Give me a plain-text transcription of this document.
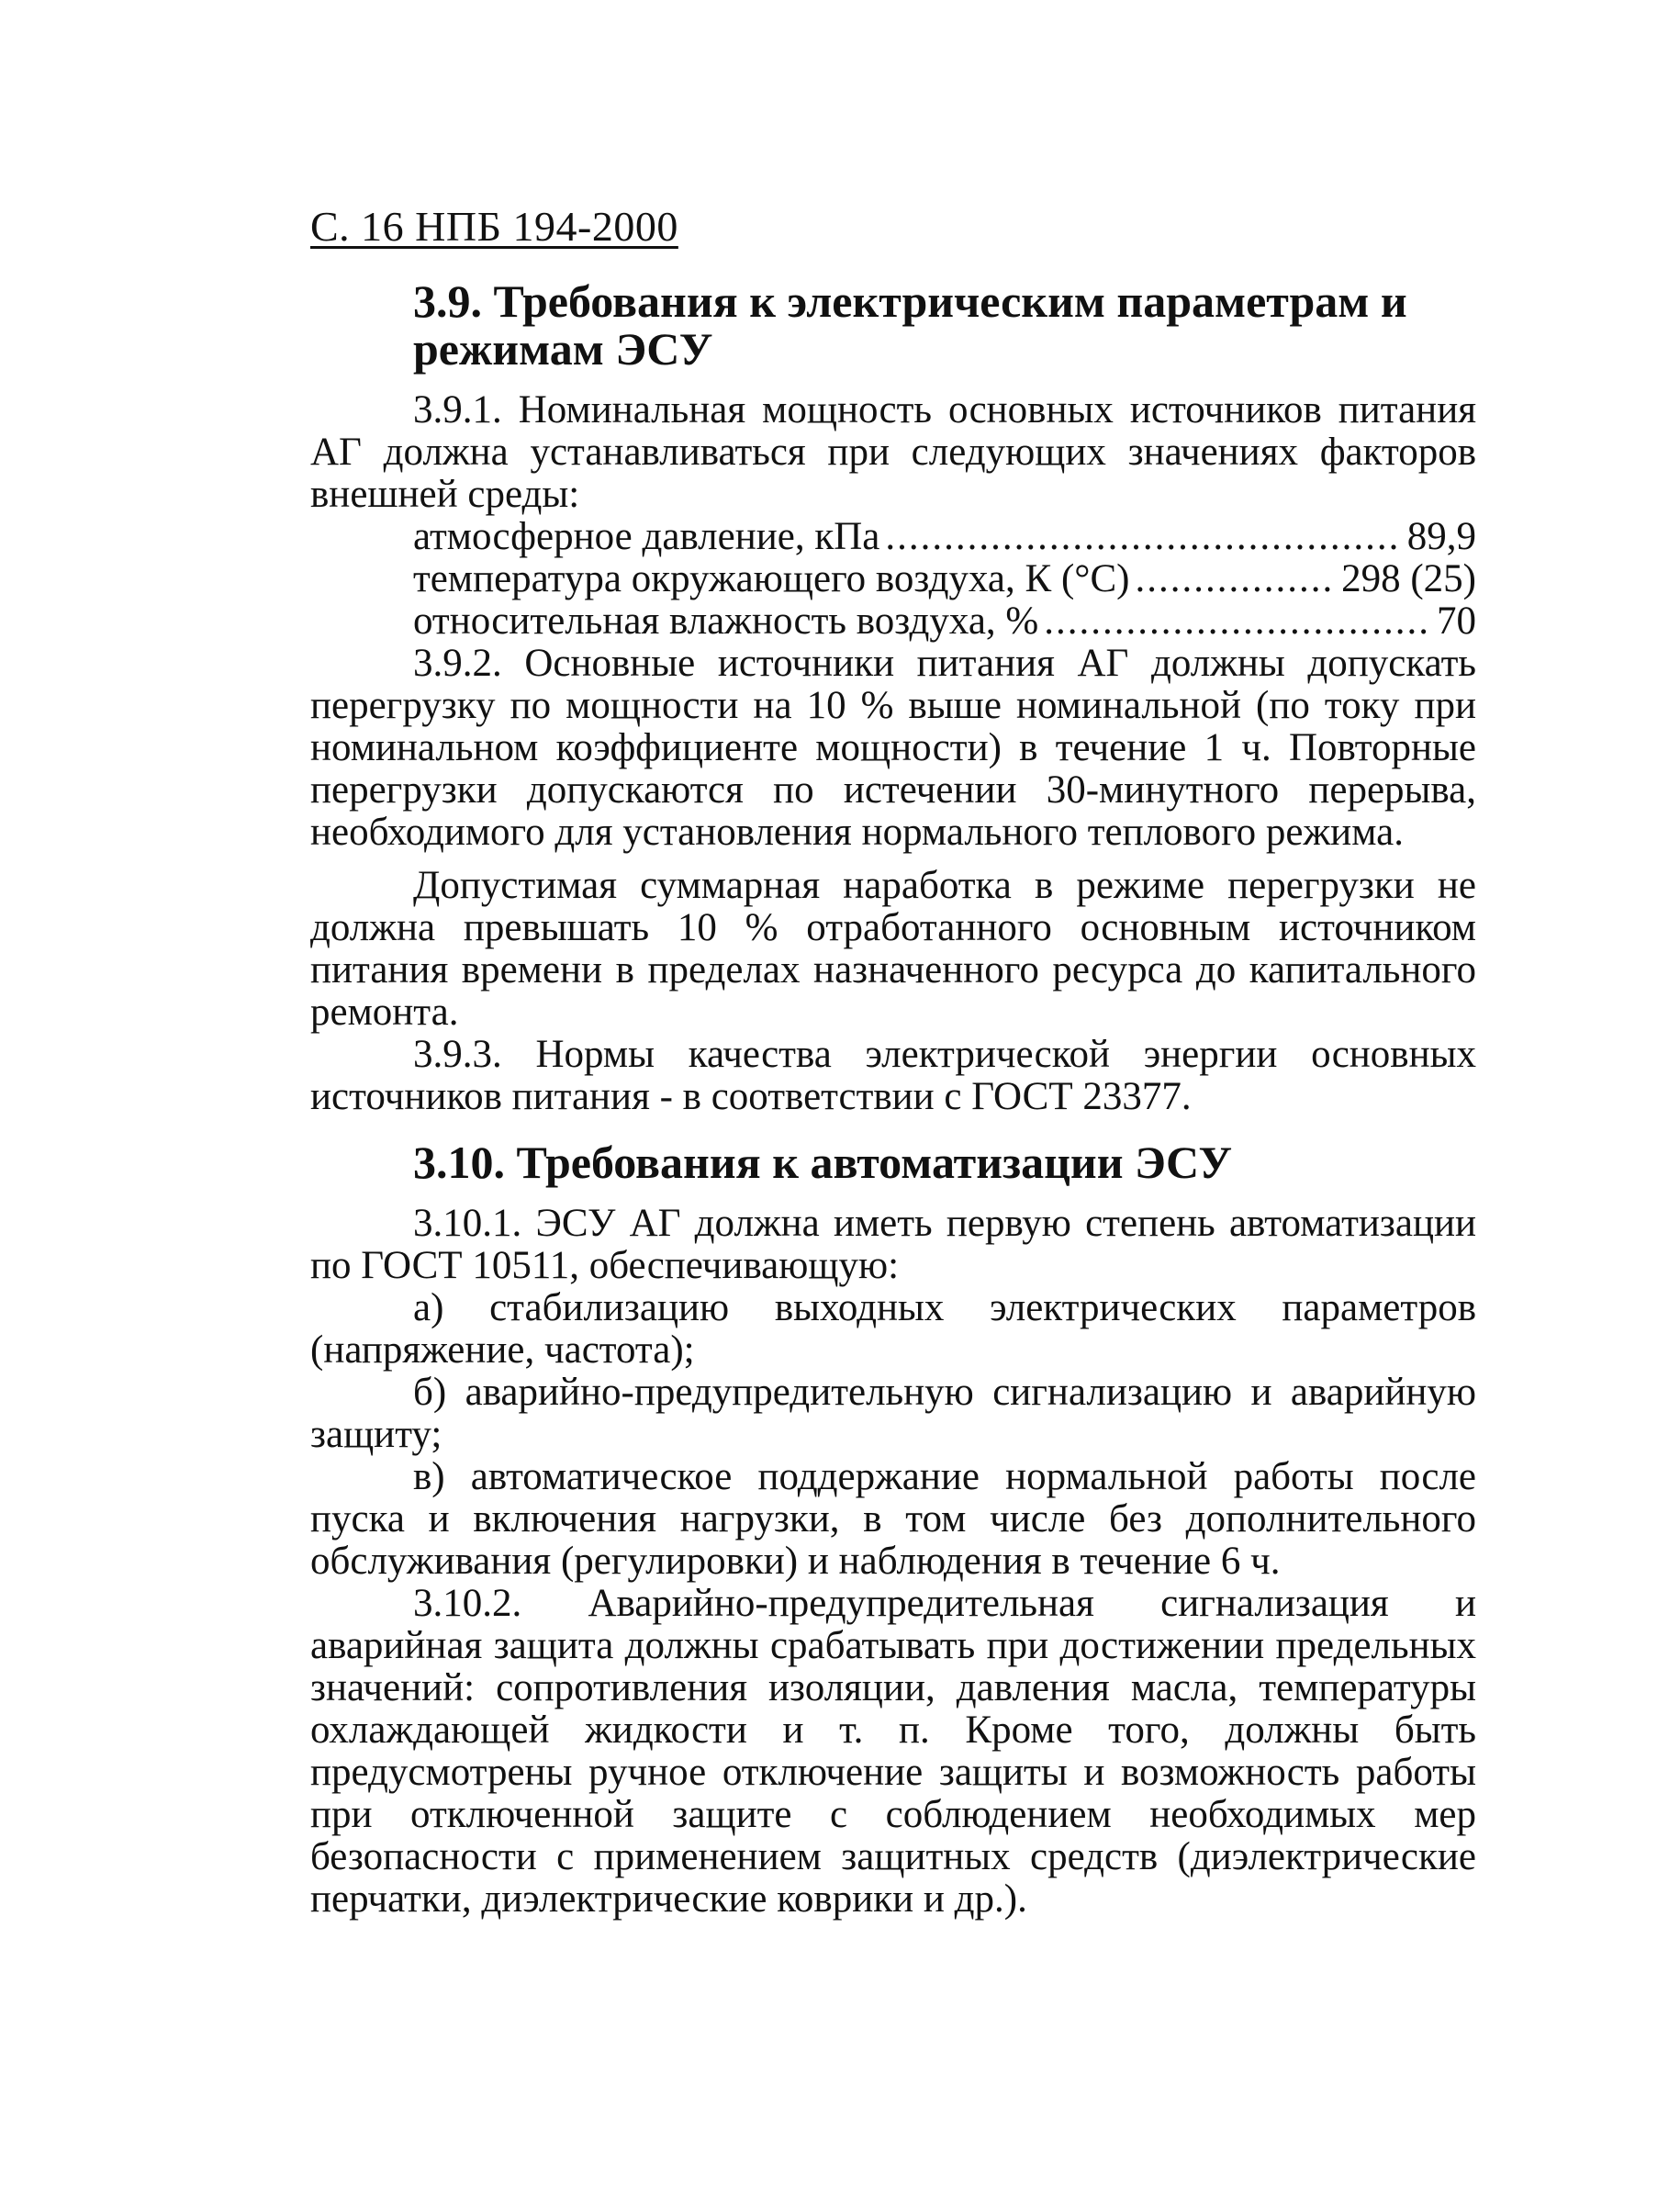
С. 16 НПБ 194-2000
3.9. Требования к электрическим параметрам и режимам ЭСУ

3.9.1. Номинальная мощность основных источников питания АГ должна устанавливаться при следующих значениях факторов внешней среды:

атмосферное давление, кПа .....	89,9
температура окружающего воздуха, К (°С) .....	298 (25)
относительная влажность воздуха, % .....	70

3.9.2. Основные источники питания АГ должны допускать перегрузку по мощности на 10 % выше номинальной (по току при номинальном коэффициенте мощности) в течение 1 ч. Повторные перегрузки допускаются по истечении 30-минутного перерыва, необходимого для установления нормального теплового режима.

Допустимая суммарная наработка в режиме перегрузки не должна превышать 10 % отработанного основным источником питания времени в пределах назначенного ресурса до капитального ремонта.

3.9.3. Нормы качества электрической энергии основных источников питания - в соответствии с ГОСТ 23377.

3.10. Требования к автоматизации ЭСУ

3.10.1. ЭСУ АГ должна иметь первую степень автоматизации по ГОСТ 10511, обеспечивающую:

а) стабилизацию выходных электрических параметров (напряжение, частота);

б) аварийно-предупредительную сигнализацию и аварийную защиту;

в) автоматическое поддержание нормальной работы после пуска и включения нагрузки, в том числе без дополнительного обслуживания (регулировки) и наблюдения в течение 6 ч.

3.10.2. Аварийно-предупредительная сигнализация и аварийная защита должны срабатывать при достижении предельных значений: сопротивления изоляции, давления масла, температуры охлаждающей жидкости и т. п. Кроме того, должны быть предусмотрены ручное отключение защиты и возможность работы при отключенной защите с соблюдением необходимых мер безопасности с применением защитных средств (диэлектрические перчатки, диэлектрические коврики и др.).
